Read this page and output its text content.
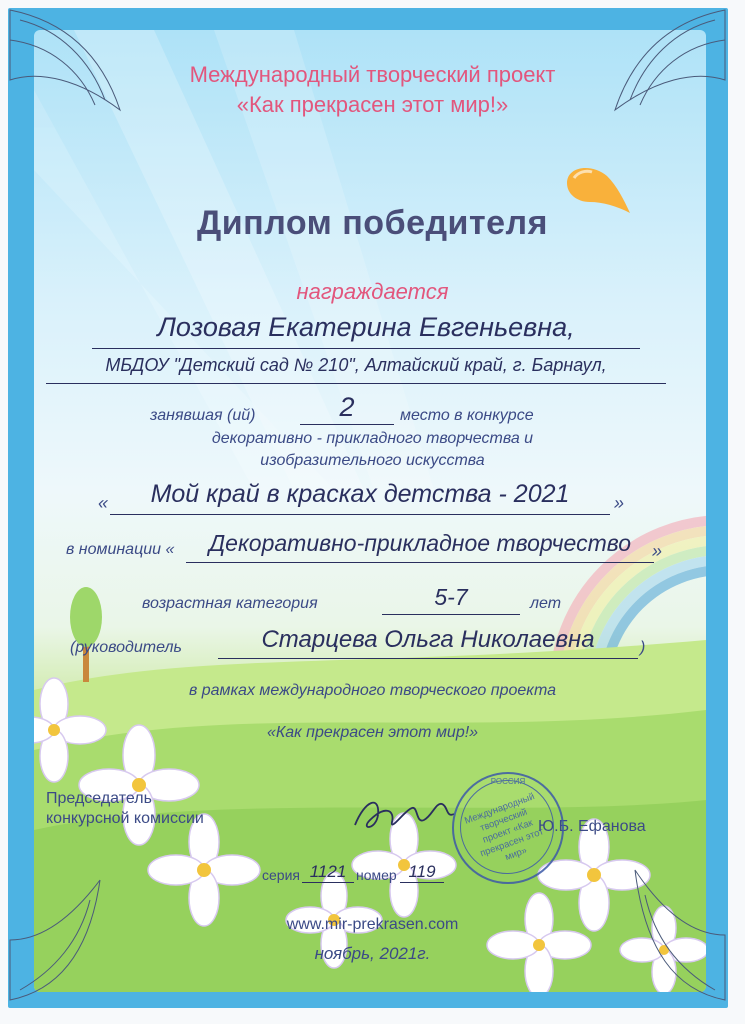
Международный творческий проект
«Как прекрасен этот мир!»
Диплом победителя
награждается
Лозовая Екатерина Евгеньевна,
МБДОУ "Детский сад № 210", Алтайский край, г. Барнаул,
занявшая (ий)	2	место в конкурсе
декоративно - прикладного творчества и
изобразительного искусства
«	Мой край в красках детства - 2021	»
в номинации «	Декоративно-прикладное творчество	»
возрастная категория	5-7	лет
(руководитель	Старцева Ольга Николаевна	)
в рамках международного творческого проекта
«Как прекрасен этот мир!»
Председатель
конкурсной комиссии	Ю.Б. Ефанова
РОССИЯ
Международный творческий проект «Как прекрасен этот мир»
серия 1121 номер 119
www.mir-prekrasen.com
ноябрь, 2021г.
